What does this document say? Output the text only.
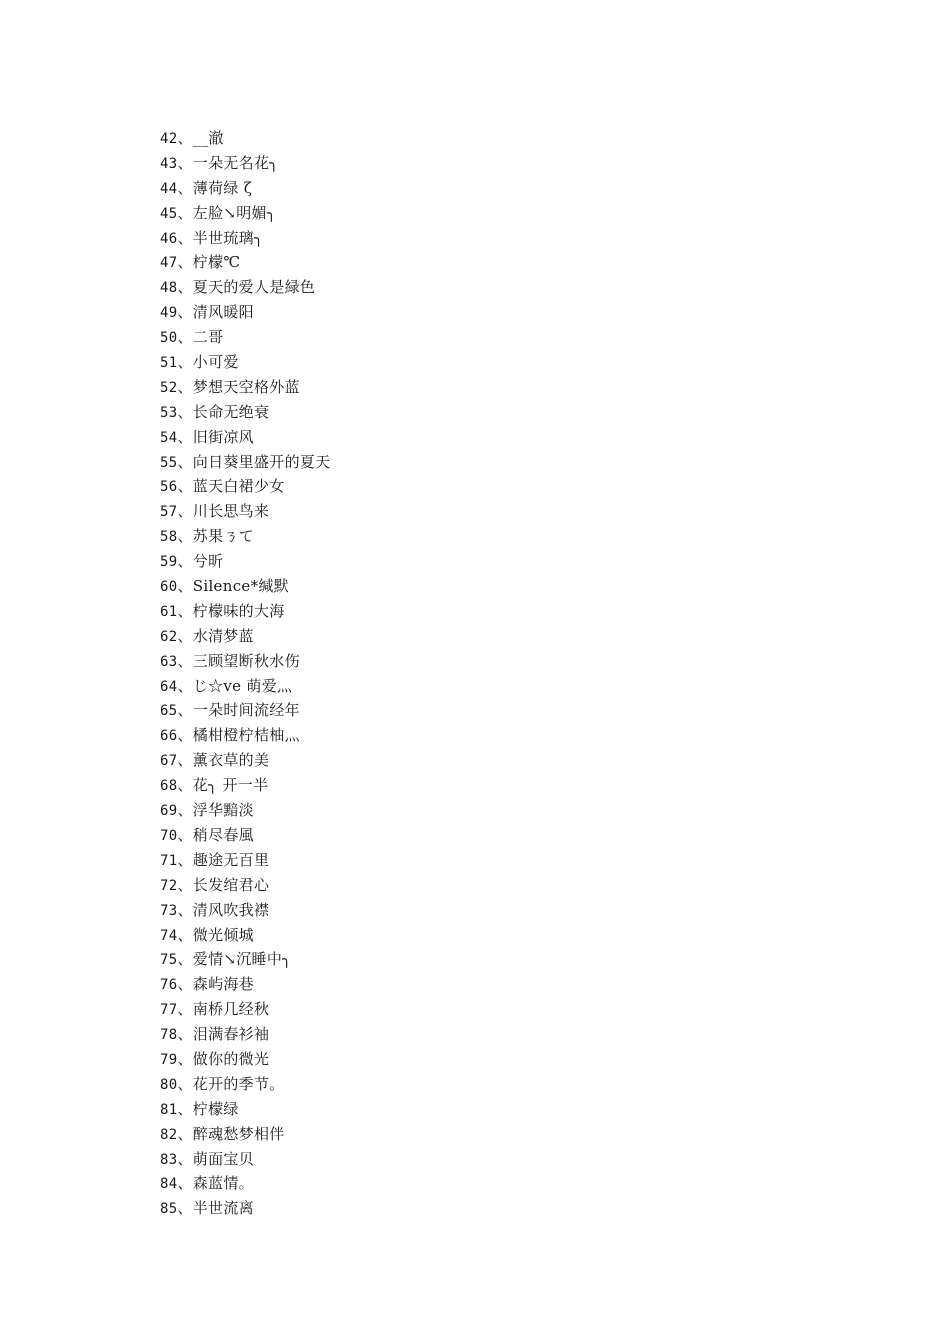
42、__澈
43、一朵无名花╮
44、薄荷绿 ζ
45、左脸↘明媚╮
46、半世琉璃╮
47、柠檬℃
48、夏天的爱人是緑色
49、清风暖阳
50、二哥
51、小可爱
52、梦想天空格外蓝
53、长命无绝衰
54、旧街凉风
55、向日葵里盛开的夏天
56、蓝天白裙少女
57、川长思鸟来
58、苏果ㄋて
59、兮昕
60、Silence*缄默
61、柠檬味的大海
62、水清梦蓝
63、三顾望断秋水伤
64、じ☆ve 萌爱灬
65、一朵时间流经年
66、橘柑橙柠桔柚灬
67、薰衣草的美
68、花╮ 开一半
69、浮华黯淡
70、稍尽春風
71、趣途无百里
72、长发绾君心
73、清风吹我襟
74、微光倾城
75、爱情↘沉睡中╮
76、森屿海巷
77、南桥几经秋
78、泪满春衫袖
79、做你的微光
80、花开的季节。
81、柠檬绿
82、醉魂愁梦相伴
83、萌面宝贝
84、森蓝情。
85、半世流离
